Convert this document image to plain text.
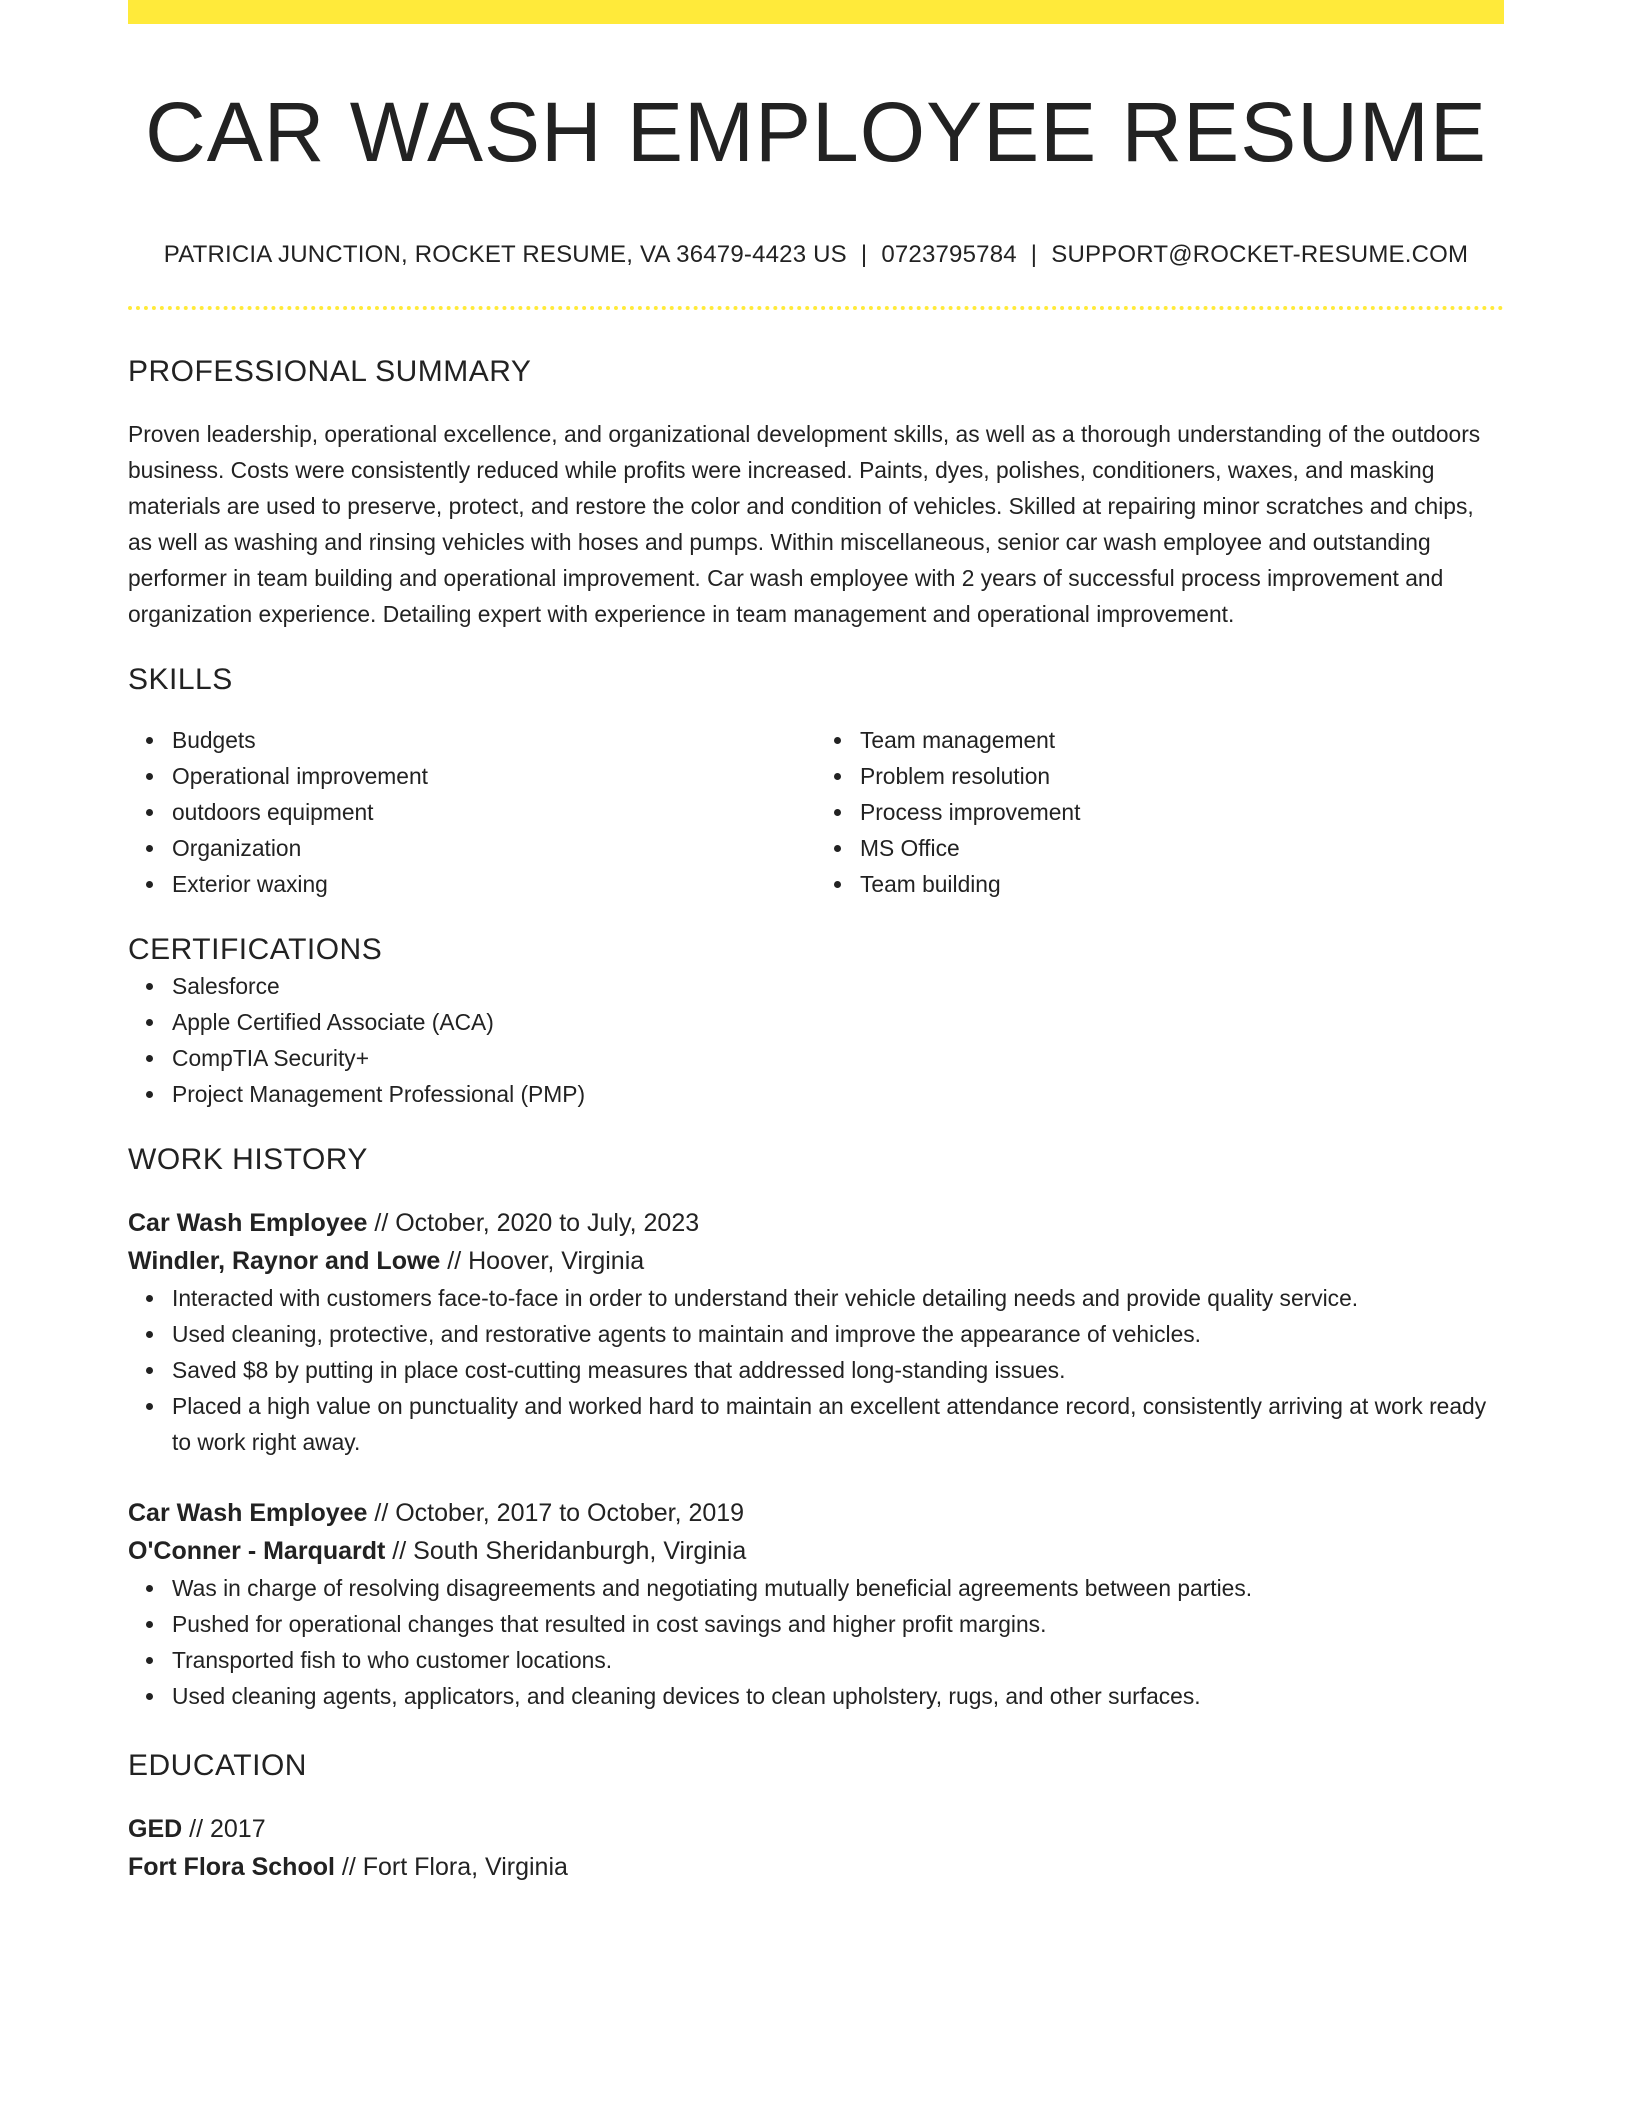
CAR WASH EMPLOYEE RESUME
PATRICIA JUNCTION, ROCKET RESUME, VA 36479-4423 US | 0723795784 | SUPPORT@ROCKET-RESUME.COM
PROFESSIONAL SUMMARY
Proven leadership, operational excellence, and organizational development skills, as well as a thorough understanding of the outdoors business. Costs were consistently reduced while profits were increased. Paints, dyes, polishes, conditioners, waxes, and masking materials are used to preserve, protect, and restore the color and condition of vehicles. Skilled at repairing minor scratches and chips, as well as washing and rinsing vehicles with hoses and pumps. Within miscellaneous, senior car wash employee and outstanding performer in team building and operational improvement. Car wash employee with 2 years of successful process improvement and organization experience. Detailing expert with experience in team management and operational improvement.
SKILLS
Budgets
Operational improvement
outdoors equipment
Organization
Exterior waxing
Team management
Problem resolution
Process improvement
MS Office
Team building
CERTIFICATIONS
Salesforce
Apple Certified Associate (ACA)
CompTIA Security+
Project Management Professional (PMP)
WORK HISTORY
Car Wash Employee // October, 2020 to July, 2023
Windler, Raynor and Lowe // Hoover, Virginia
Interacted with customers face-to-face in order to understand their vehicle detailing needs and provide quality service.
Used cleaning, protective, and restorative agents to maintain and improve the appearance of vehicles.
Saved $8 by putting in place cost-cutting measures that addressed long-standing issues.
Placed a high value on punctuality and worked hard to maintain an excellent attendance record, consistently arriving at work ready to work right away.
Car Wash Employee // October, 2017 to October, 2019
O'Conner - Marquardt // South Sheridanburgh, Virginia
Was in charge of resolving disagreements and negotiating mutually beneficial agreements between parties.
Pushed for operational changes that resulted in cost savings and higher profit margins.
Transported fish to who customer locations.
Used cleaning agents, applicators, and cleaning devices to clean upholstery, rugs, and other surfaces.
EDUCATION
GED // 2017
Fort Flora School // Fort Flora, Virginia
